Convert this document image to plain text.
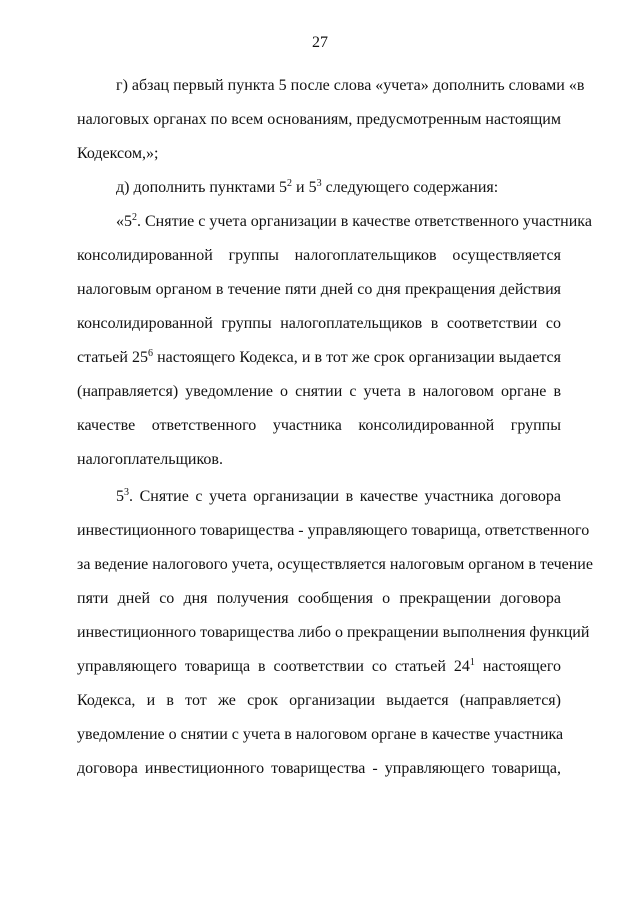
27
г) абзац первый пункта 5 после слова «учета» дополнить словами «в
налоговых органах по всем основаниям, предусмотренным настоящим
Кодексом,»;
д) дополнить пунктами $5^2$ и $5^3$ следующего содержания:
«$5^2$. Снятие с учета организации в качестве ответственного участника
консолидированной группы налогоплательщиков осуществляется
налоговым органом в течение пяти дней со дня прекращения действия
консолидированной группы налогоплательщиков в соответствии со
статьей $25^6$ настоящего Кодекса, и в тот же срок организации выдается
(направляется) уведомление о снятии с учета в налоговом органе в
качестве ответственного участника консолидированной группы
налогоплательщиков.
$5^3$. Снятие с учета организации в качестве участника договора
инвестиционного товарищества - управляющего товарища, ответственного
за ведение налогового учета, осуществляется налоговым органом в течение
пяти дней со дня получения сообщения о прекращении договора
инвестиционного товарищества либо о прекращении выполнения функций
управляющего товарища в соответствии со статьей $24^1$ настоящего
Кодекса, и в тот же срок организации выдается (направляется)
уведомление о снятии с учета в налоговом органе в качестве участника
договора инвестиционного товарищества - управляющего товарища,
